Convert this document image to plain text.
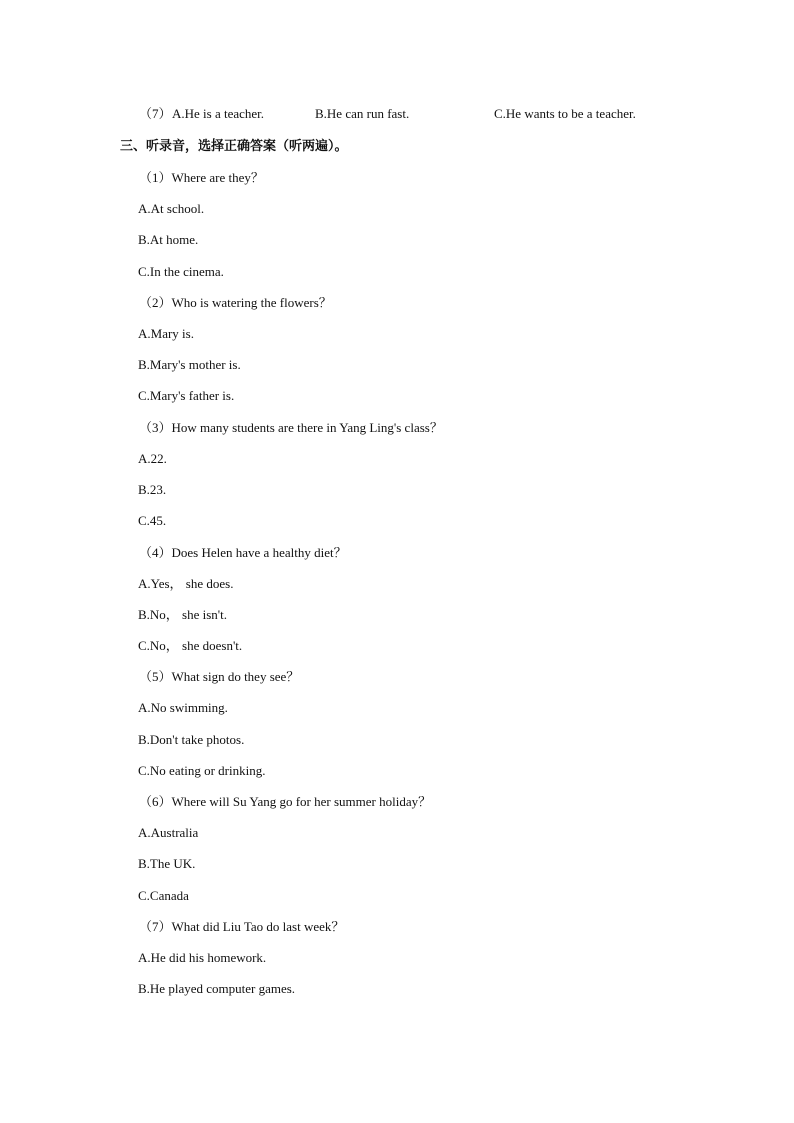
（7） A.He is a teacher.	B.He can run fast.	C.He wants to be a teacher.
三、听录音，选择正确答案（听两遍）。
（1）Where are they？
A.At school.
B.At home.
C.In the cinema.
（2）Who is watering the flowers？
A.Mary is.
B.Mary's mother is.
C.Mary's father is.
（3）How many students are there in Yang Ling's class？
A.22.
B.23.
C.45.
（4）Does Helen have a healthy diet？
A.Yes， she does.
B.No， she isn't.
C.No， she doesn't.
（5）What sign do they see？
A.No swimming.
B.Don't take photos.
C.No eating or drinking.
（6）Where will Su Yang go for her summer holiday？
A.Australia
B.The UK.
C.Canada
（7）What did Liu Tao do last week？
A.He did his homework.
B.He played computer games.
